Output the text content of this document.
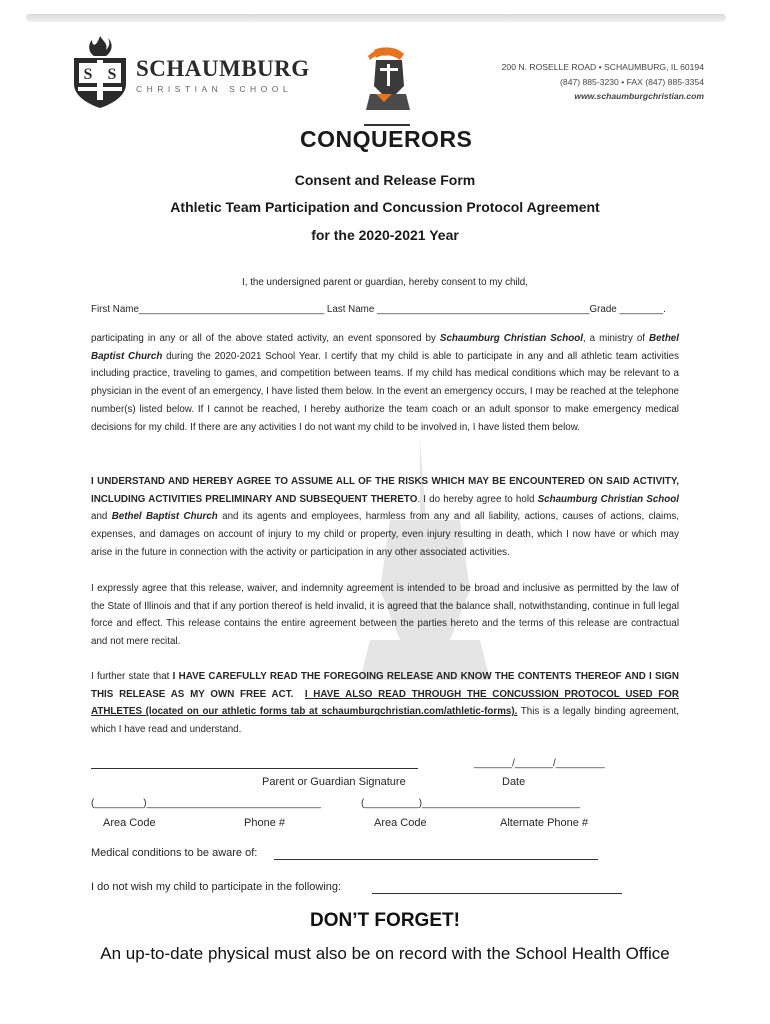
S S SCHAUMBURG
CHRISTIAN SCHOOL
CONQUERORS
200 N. ROSELLE ROAD • SCHAUMBURG, IL 60194
(847) 885-3230 • FAX (847) 885-3354
www.schaumburgchristian.com
Consent and Release Form
Athletic Team Participation and Concussion Protocol Agreement
for the 2020-2021 Year
I, the undersigned parent or guardian, hereby consent to my child,
First Name__________________________________ Last Name _______________________________________Grade ________.
participating in any or all of the above stated activity, an event sponsored by Schaumburg Christian School, a ministry of Bethel Baptist Church during the 2020-2021 School Year. I certify that my child is able to participate in any and all athletic team activities including practice, traveling to games, and competition between teams. If my child has medical conditions which may be relevant to a physician in the event of an emergency, I have listed them below. In the event an emergency occurs, I may be reached at the telephone number(s) listed below. If I cannot be reached, I hereby authorize the team coach or an adult sponsor to make emergency medical decisions for my child. If there are any activities I do not want my child to be involved in, I have listed them below.
I UNDERSTAND AND HEREBY AGREE TO ASSUME ALL OF THE RISKS WHICH MAY BE ENCOUNTERED ON SAID ACTIVITY, INCLUDING ACTIVITIES PRELIMINARY AND SUBSEQUENT THERETO. I do hereby agree to hold Schaumburg Christian School and Bethel Baptist Church and its agents and employees, harmless from any and all liability, actions, causes of actions, claims, expenses, and damages on account of injury to my child or property, even injury resulting in death, which I now have or which may arise in the future in connection with the activity or participation in any other associated activities.
I expressly agree that this release, waiver, and indemnity agreement is intended to be broad and inclusive as permitted by the law of the State of Illinois and that if any portion thereof is held invalid, it is agreed that the balance shall, notwithstanding, continue in full legal force and effect. This release contains the entire agreement between the parties hereto and the terms of this release are contractual and not mere recital.
I further state that I HAVE CAREFULLY READ THE FOREGOING RELEASE AND KNOW THE CONTENTS THEREOF AND I SIGN THIS RELEASE AS MY OWN FREE ACT. I HAVE ALSO READ THROUGH THE CONCUSSION PROTOCOL USED FOR ATHLETES (located on our athletic forms tab at schaumburgchristian.com/athletic-forms). This is a legally binding agreement, which I have read and understand.
_______/_______/_________
Parent or Guardian Signature	Date
(_________)________________________________	(__________)_____________________________
Area Code	Phone #	Area Code	Alternate Phone #
Medical conditions to be aware of:
I do not wish my child to participate in the following:
DON’T FORGET!
An up-to-date physical must also be on record with the School Health Office
